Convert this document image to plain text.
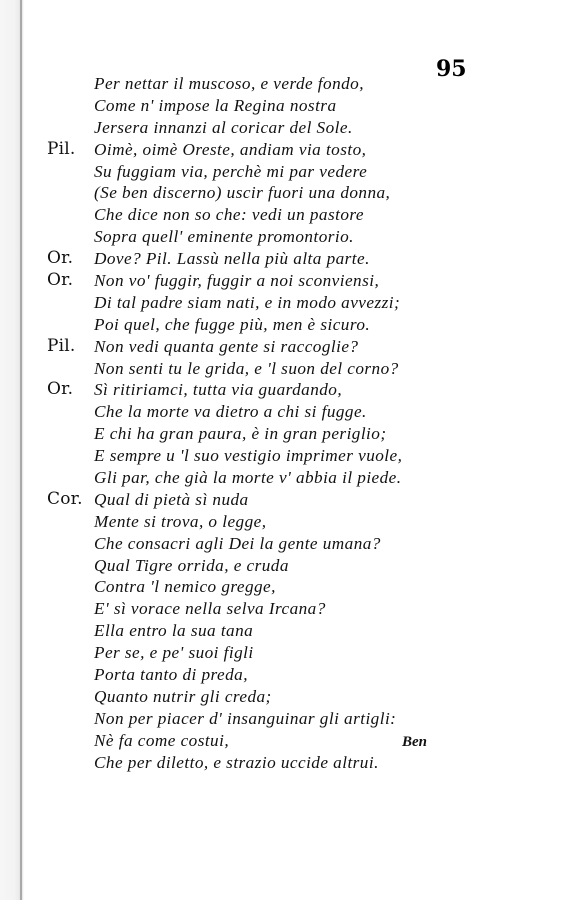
95
Per nettar il muscoso, e verde fondo,
Come n' impose la Regina nostra
Jersera innanzi al coricar del Sole.
Pil. Oimè, oimè Oreste, andiam via tosto,
Su fuggiam via, perchè mi par vedere
(Se ben discerno) uscir fuori una donna,
Che dice non so che: vedi un pastore
Sopra quell' eminente promontorio.
Or. Dove? Pil. Lassù nella più alta parte.
Or. Non vo' fuggir, fuggir a noi sconviensi,
Di tal padre siam nati, e in modo avvezzi;
Poi quel, che fugge più, men è sicuro.
Pil. Non vedi quanta gente si raccoglie?
Non senti tu le grida, e 'l suon del corno?
Or. Sì ritiriamci, tutta via guardando,
Che la morte va dietro a chi si fugge.
E chi ha gran paura, è in gran periglio;
E sempre u 'l suo vestigio imprimer vuole,
Gli par, che già la morte v' abbia il piede.
Cor. Qual di pietà sì nuda
Mente si trova, o legge,
Che consacri agli Dei la gente umana?
Qual Tigre orrida, e cruda
Contra 'l nemico gregge,
E' sì vorace nella selva Ircana?
Ella entro la sua tana
Per se, e pe' suoi figli
Porta tanto di preda,
Quanto nutrir gli creda;
Non per piacer d' insanguinar gli artigli:
Nè fa come costui,
Che per diletto, e strazio uccide altrui.
Ben
